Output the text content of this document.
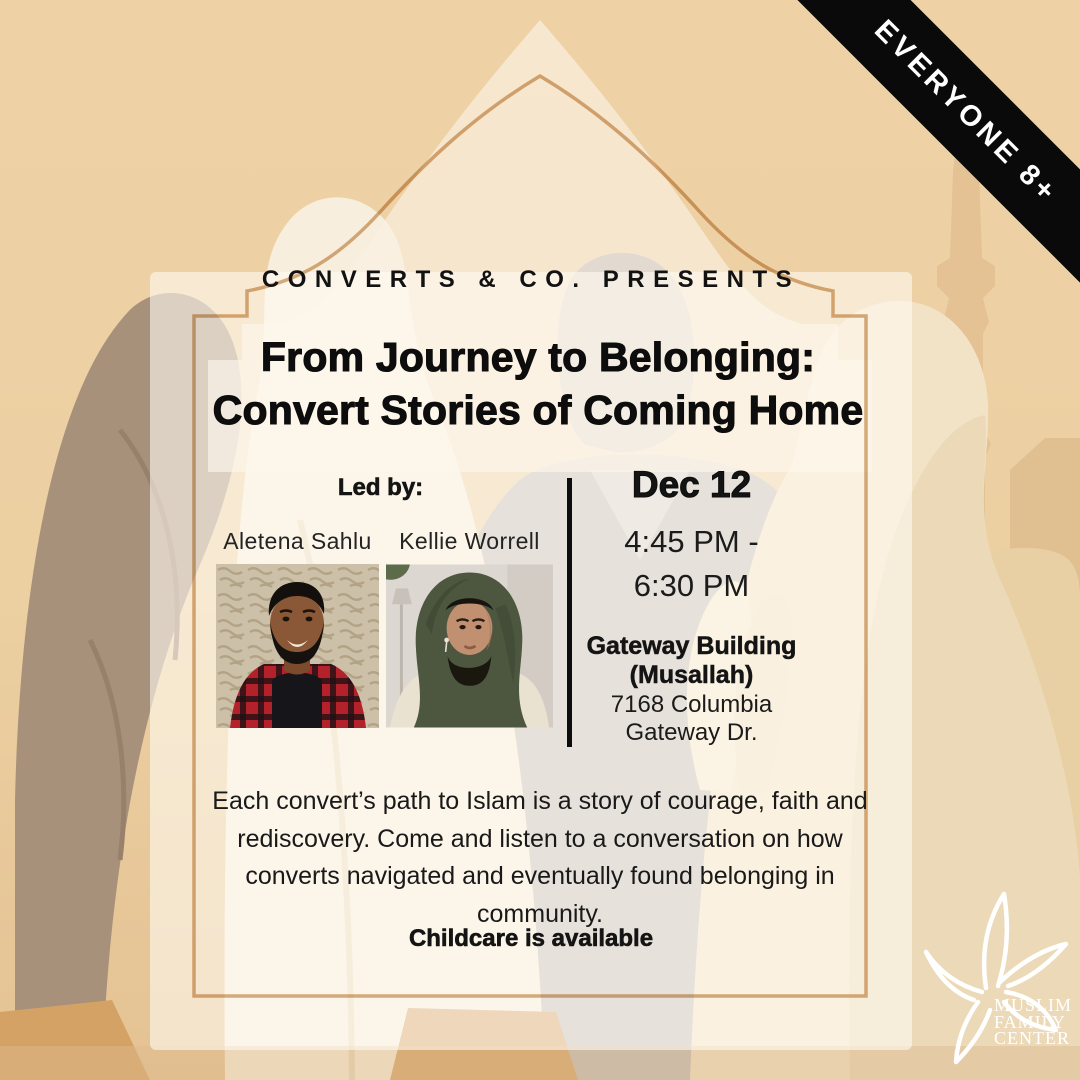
EVERYONE 8+
CONVERTS & CO. PRESENTS
From Journey to Belonging:
Convert Stories of Coming Home
Led by:
Aletena Sahlu	Kellie Worrell
Dec 12
4:45 PM -
6:30 PM
Gateway Building
(Musallah)
7168 Columbia
Gateway Dr.
Each convert’s path to Islam is a story of courage, faith and rediscovery. Come and listen to a conversation on how converts navigated and eventually found belonging in community.
Childcare is available
MUSLIM
FAMILY
CENTER
